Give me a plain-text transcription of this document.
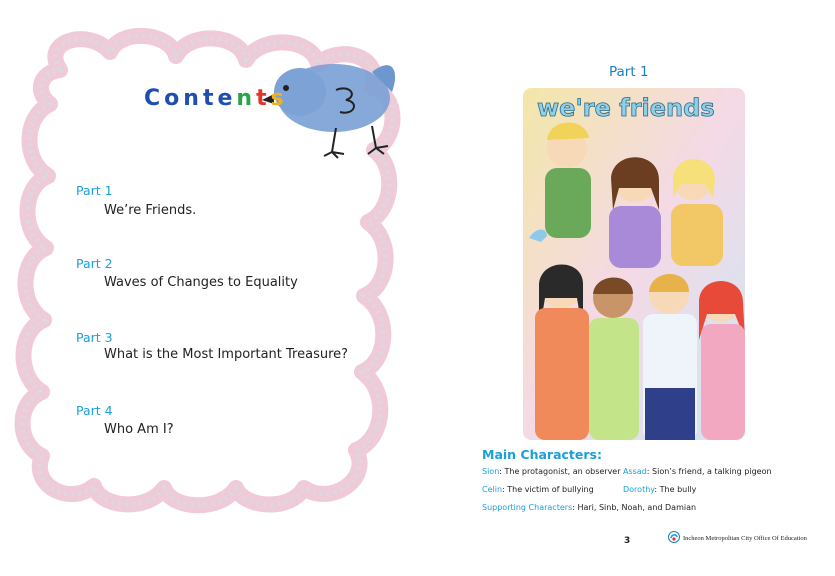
Contents
Part 1
We’re Friends.
Part 2
Waves of Changes to Equality
Part 3
What is the Most Important Treasure?
Part 4
Who Am I?
Part 1
we're friends
Main Characters:
Sion: The protagonist, an observer Assad: Sion’s friend, a talking pigeon
Celin: The victim of bullying	Dorothy: The bully
Supporting Characters: Hari, Sinb, Noah, and Damian
3	Incheon Metropolitan City Office Of Education
